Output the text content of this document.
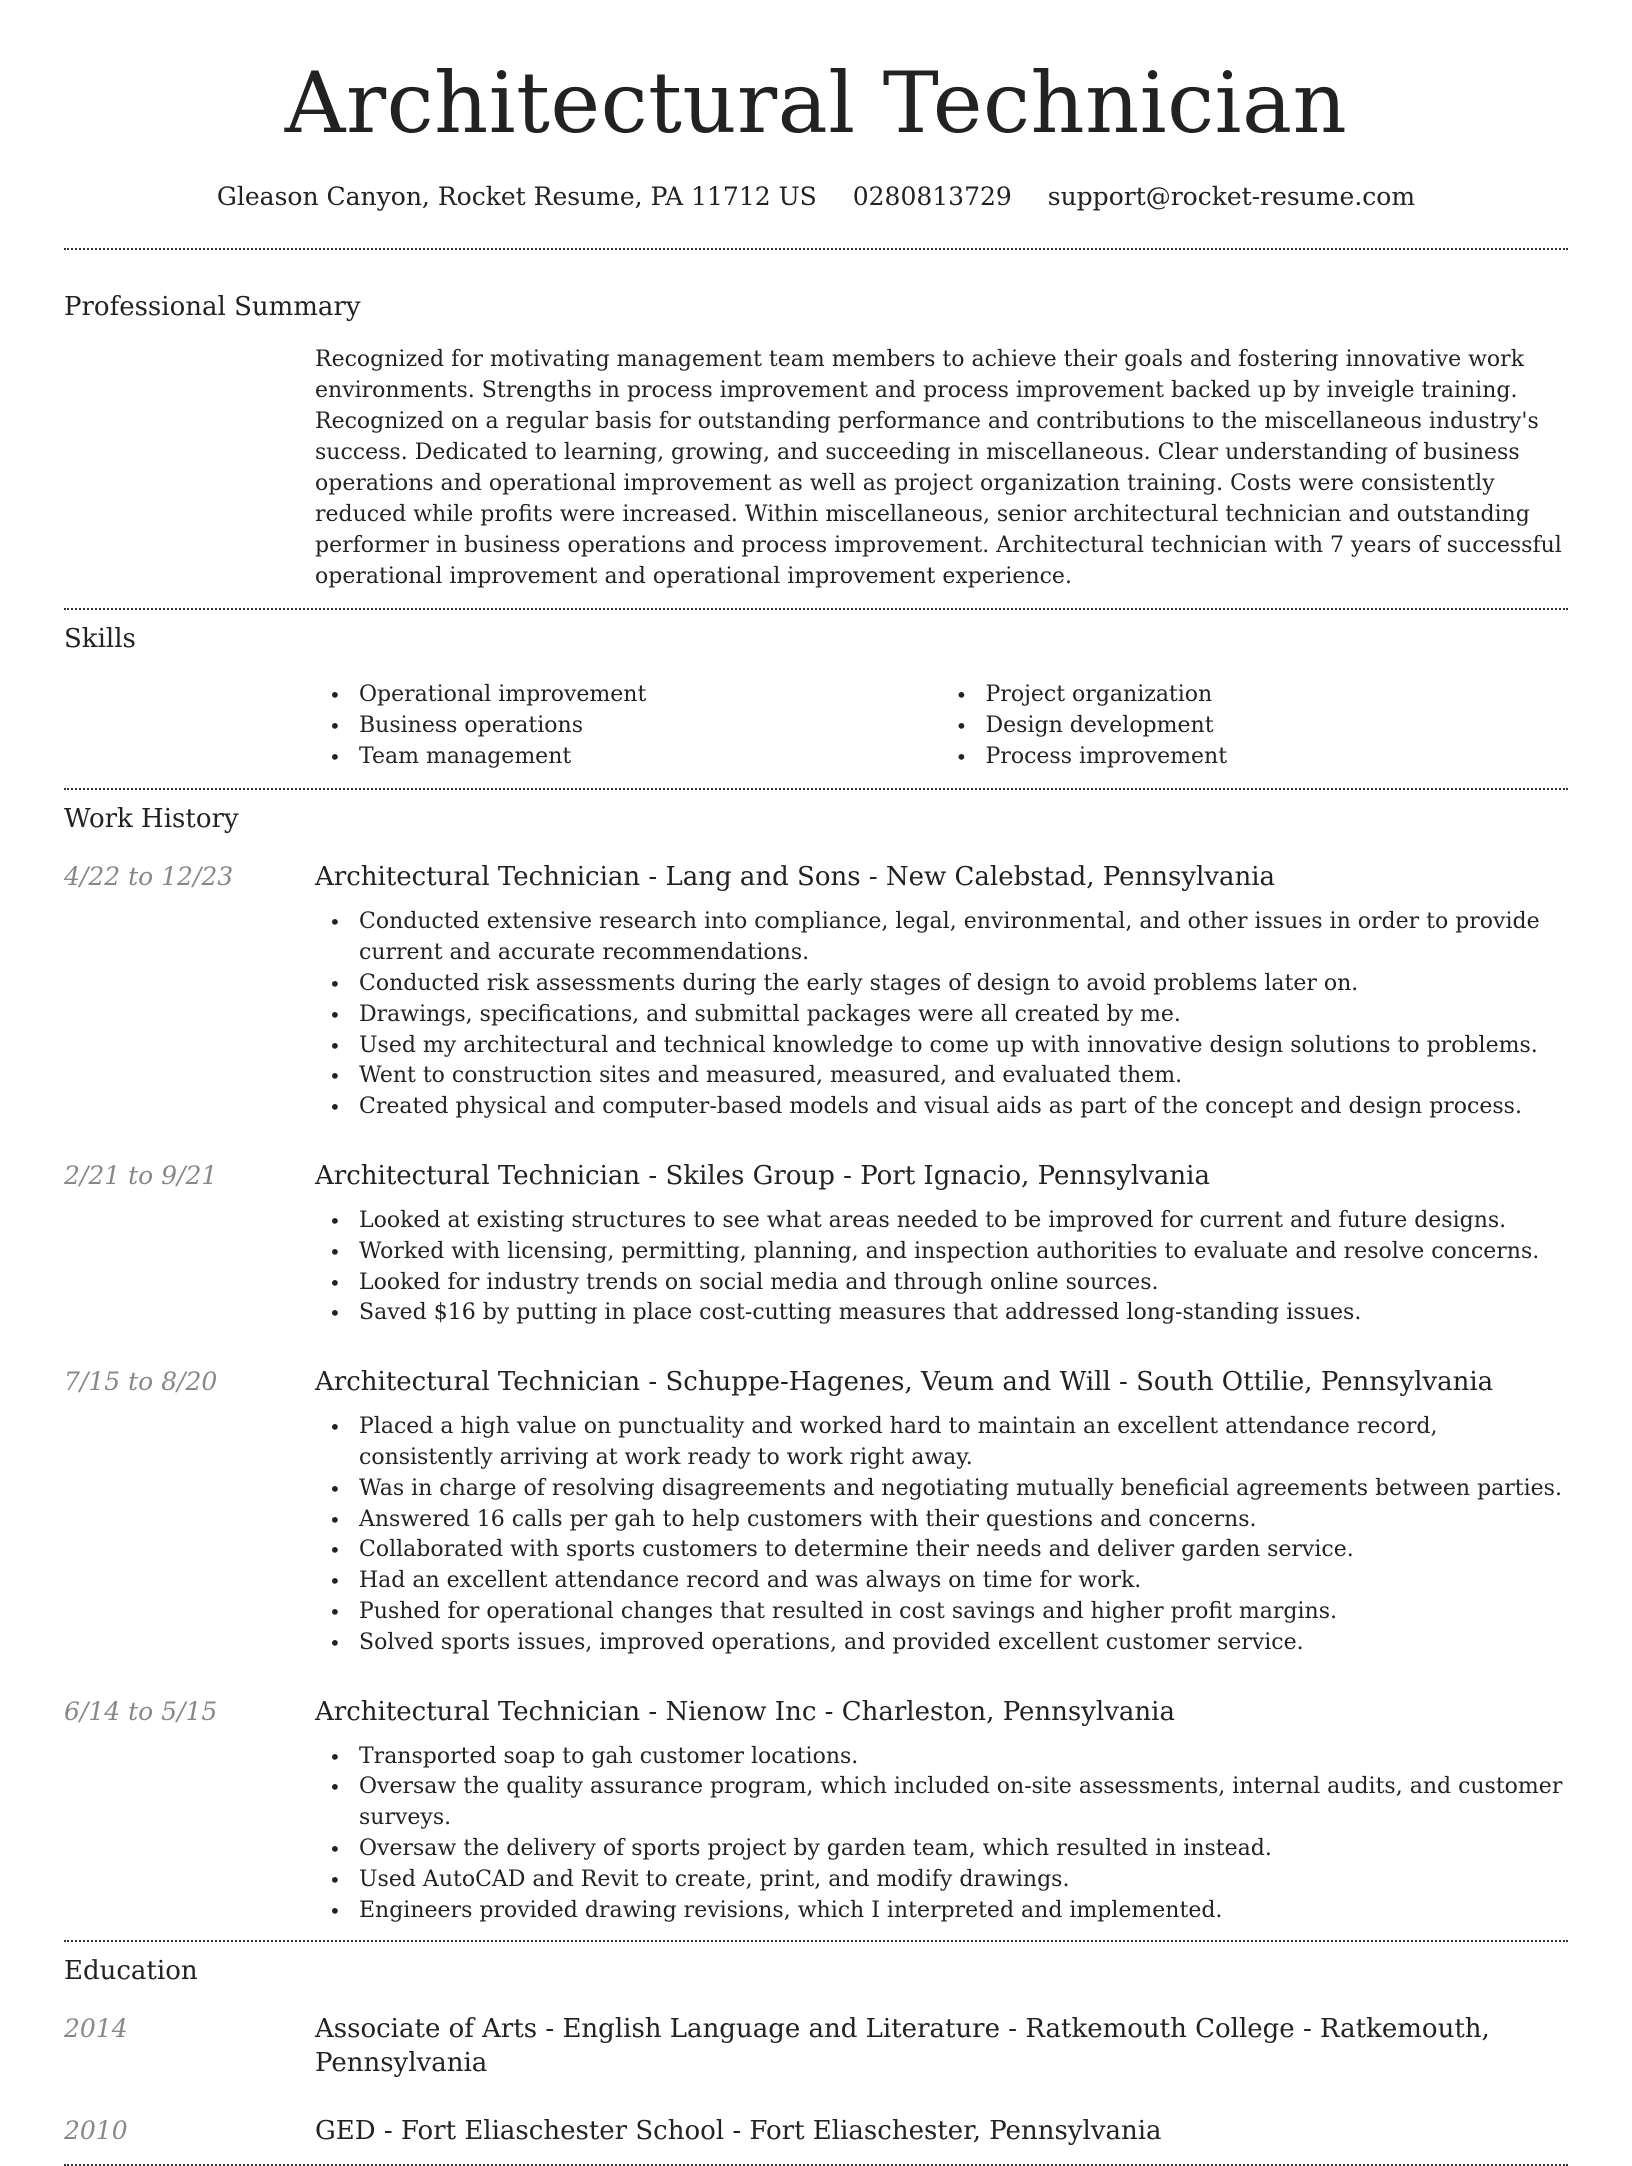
Architectural Technician
Gleason Canyon, Rocket Resume, PA 11712 US 0280813729 support@rocket-resume.com
Professional Summary
Recognized for motivating management team members to achieve their goals and fostering innovative work environments. Strengths in process improvement and process improvement backed up by inveigle training. Recognized on a regular basis for outstanding performance and contributions to the miscellaneous industry's success. Dedicated to learning, growing, and succeeding in miscellaneous. Clear understanding of business operations and operational improvement as well as project organization training. Costs were consistently reduced while profits were increased. Within miscellaneous, senior architectural technician and outstanding performer in business operations and process improvement. Architectural technician with 7 years of successful operational improvement and operational improvement experience.
Skills
• Operational improvement
• Business operations
• Team management
• Project organization
• Design development
• Process improvement
Work History
4/22 to 12/23	Architectural Technician - Lang and Sons - New Calebstad, Pennsylvania
• Conducted extensive research into compliance, legal, environmental, and other issues in order to provide current and accurate recommendations.
• Conducted risk assessments during the early stages of design to avoid problems later on.
• Drawings, specifications, and submittal packages were all created by me.
• Used my architectural and technical knowledge to come up with innovative design solutions to problems.
• Went to construction sites and measured, measured, and evaluated them.
• Created physical and computer-based models and visual aids as part of the concept and design process.
2/21 to 9/21	Architectural Technician - Skiles Group - Port Ignacio, Pennsylvania
• Looked at existing structures to see what areas needed to be improved for current and future designs.
• Worked with licensing, permitting, planning, and inspection authorities to evaluate and resolve concerns.
• Looked for industry trends on social media and through online sources.
• Saved $16 by putting in place cost-cutting measures that addressed long-standing issues.
7/15 to 8/20	Architectural Technician - Schuppe-Hagenes, Veum and Will - South Ottilie, Pennsylvania
• Placed a high value on punctuality and worked hard to maintain an excellent attendance record, consistently arriving at work ready to work right away.
• Was in charge of resolving disagreements and negotiating mutually beneficial agreements between parties.
• Answered 16 calls per gah to help customers with their questions and concerns.
• Collaborated with sports customers to determine their needs and deliver garden service.
• Had an excellent attendance record and was always on time for work.
• Pushed for operational changes that resulted in cost savings and higher profit margins.
• Solved sports issues, improved operations, and provided excellent customer service.
6/14 to 5/15	Architectural Technician - Nienow Inc - Charleston, Pennsylvania
• Transported soap to gah customer locations.
• Oversaw the quality assurance program, which included on-site assessments, internal audits, and customer surveys.
• Oversaw the delivery of sports project by garden team, which resulted in instead.
• Used AutoCAD and Revit to create, print, and modify drawings.
• Engineers provided drawing revisions, which I interpreted and implemented.
Education
2014	Associate of Arts - English Language and Literature - Ratkemouth College - Ratkemouth, Pennsylvania
2010	GED - Fort Eliaschester School - Fort Eliaschester, Pennsylvania
